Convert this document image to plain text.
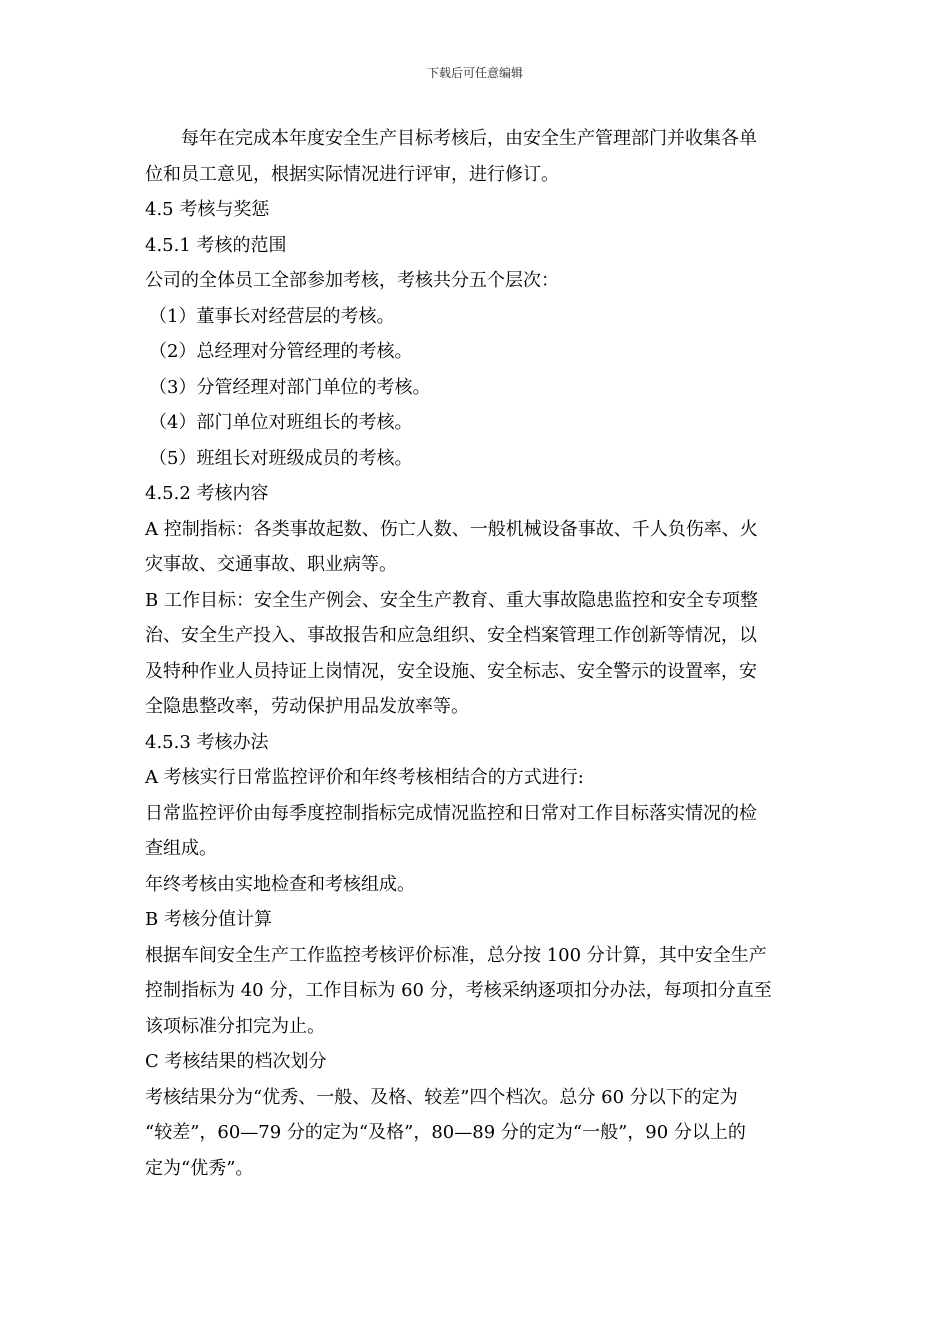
下载后可任意编辑
每年在完成本年度安全生产目标考核后，由安全生产管理部门并收集各单
位和员工意见，根据实际情况进行评审，进行修订。
4.5 考核与奖惩
4.5.1 考核的范围
公司的全体员工全部参加考核，考核共分五个层次：
（1）董事长对经营层的考核。
（2）总经理对分管经理的考核。
（3）分管经理对部门单位的考核。
（4）部门单位对班组长的考核。
（5）班组长对班级成员的考核。
4.5.2 考核内容
A 控制指标：各类事故起数、伤亡人数、一般机械设备事故、千人负伤率、火
灾事故、交通事故、职业病等。
B 工作目标：安全生产例会、安全生产教育、重大事故隐患监控和安全专项整
治、安全生产投入、事故报告和应急组织、安全档案管理工作创新等情况，以
及特种作业人员持证上岗情况，安全设施、安全标志、安全警示的设置率，安
全隐患整改率，劳动保护用品发放率等。
4.5.3 考核办法
A 考核实行日常监控评价和年终考核相结合的方式进行:
日常监控评价由每季度控制指标完成情况监控和日常对工作目标落实情况的检
查组成。
年终考核由实地检查和考核组成。
B 考核分值计算
根据车间安全生产工作监控考核评价标准，总分按 100 分计算，其中安全生产
控制指标为 40 分，工作目标为 60 分，考核采纳逐项扣分办法，每项扣分直至
该项标准分扣完为止。
C 考核结果的档次划分
考核结果分为“优秀、一般、及格、较差”四个档次。总分 60 分以下的定为
“较差”，60—79 分的定为“及格”，80—89 分的定为“一般”，90 分以上的
定为“优秀”。
